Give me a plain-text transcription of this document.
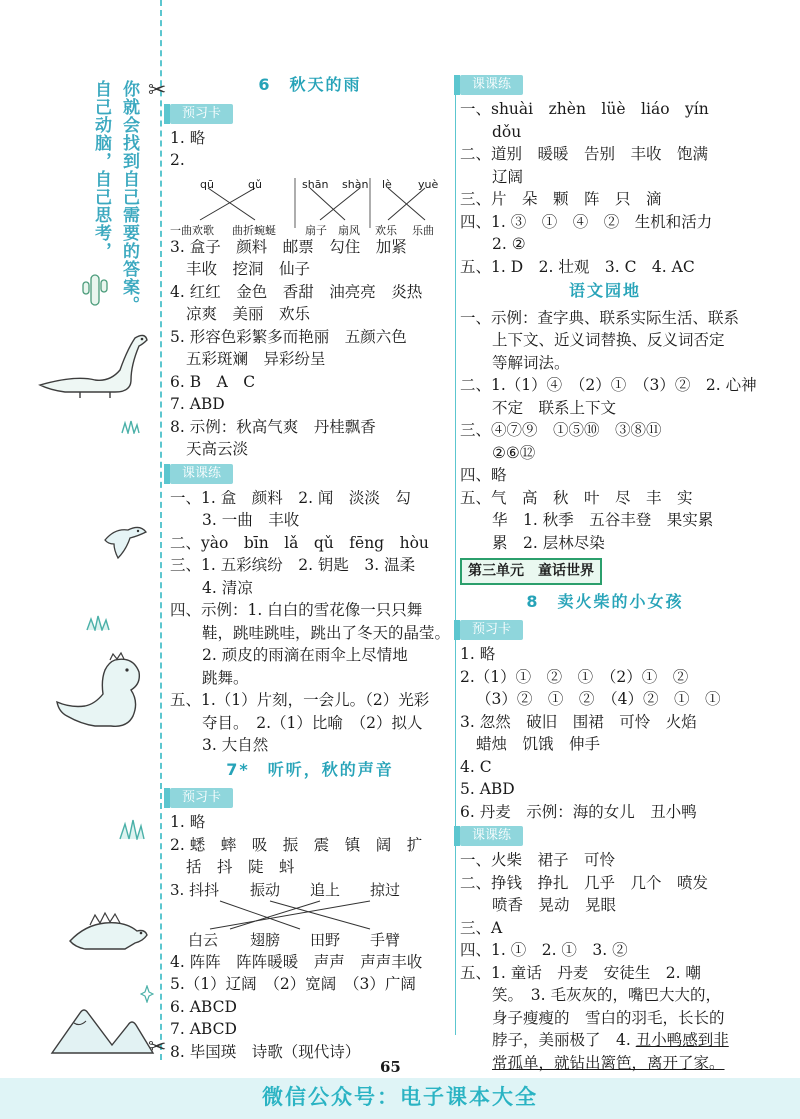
✂
✂
你就会找到自己需要的答案。
自己动脑，自己思考，	6　秋天的雨
预习卡
1. 略
2.
qū	qǔ	shān shàn lè yuè
一曲欢歌 曲折蜿蜒	扇子 扇风 欢乐 乐曲
3. 盒子　颜料　邮票　勾住　加紧
丰收　挖洞　仙子
4. 红红　金色　香甜　油亮亮　炎热
凉爽　美丽　欢乐
5. 形容色彩繁多而艳丽　五颜六色
五彩斑斓　异彩纷呈
6. B　A　C
7. ABD
8. 示例：秋高气爽　丹桂飘香
天高云淡
课课练
一、1. 盒　颜料　2. 闻　淡淡　勾
3. 一曲　丰收
二、yào　bīn　lǎ　qǔ　fēng　hòu
三、1. 五彩缤纷　2. 钥匙　3. 温柔
4. 清凉
四、示例：1. 白白的雪花像一只只舞
鞋，跳哇跳哇，跳出了冬天的晶莹。
2. 顽皮的雨滴在雨伞上尽情地
跳舞。
五、1.（1）片刻，一会儿。（2）光彩
夺目。　2.（1）比喻　（2）拟人
3. 大自然
7*　听听，秋的声音
预习卡
1. 略
2. 蟋　蟀　吸　振　震　镇　阔　扩
括　抖　陡　蚪
3. 抖抖 振动 追上 掠过
白云 翅膀 田野 手臂
4. 阵阵　阵阵暖暖　声声　声声丰收
5.（1）辽阔　（2）宽阔　（3）广阔
6. ABCD
7. ABCD
8. 毕国瑛　诗歌（现代诗）
课课练
一、shuài　zhèn　lüè　liáo　yín
dǒu
二、道别　暖暖　告别　丰收　饱满
辽阔
三、片　朵　颗　阵　只　滴
四、1. ③　①　④　②　生机和活力
2. ②
五、1. D　2. 壮观　3. C　4. AC
语文园地
一、示例：查字典、联系实际生活、联系
上下文、近义词替换、反义词否定
等解词法。
二、1.（1）④　（2）①　（3）②　2. 心神
不定　联系上下文
三、④⑦⑨　①⑤⑩　③⑧⑪
②⑥⑫
四、略
五、气　高　秋　叶　尽　丰　实
华　1. 秋季　五谷丰登　果实累
累　2. 层林尽染
第三单元　童话世界
8　卖火柴的小女孩
预习卡
1. 略
2.（1）①　②　①　（2）①　②
（3）②　①　②　（4）②　①　①
3. 忽然　破旧　围裙　可怜　火焰
蜡烛　饥饿　伸手
4. C
5. ABD
6. 丹麦　示例：海的女儿　丑小鸭
课课练
一、火柴　裙子　可怜
二、挣钱　挣扎　几乎　几个　喷发
喷香　晃动　晃眼
三、A
四、1. ①　2. ①　3. ②
五、1. 童话　丹麦　安徒生　2. 嘲
笑。　3. 毛灰灰的，嘴巴大大的，
身子瘦瘦的　雪白的羽毛，长长的
脖子，美丽极了　4. 丑小鸭感到非
常孤单，就钻出篱笆，离开了家。
65
微信公众号：电子课本大全
